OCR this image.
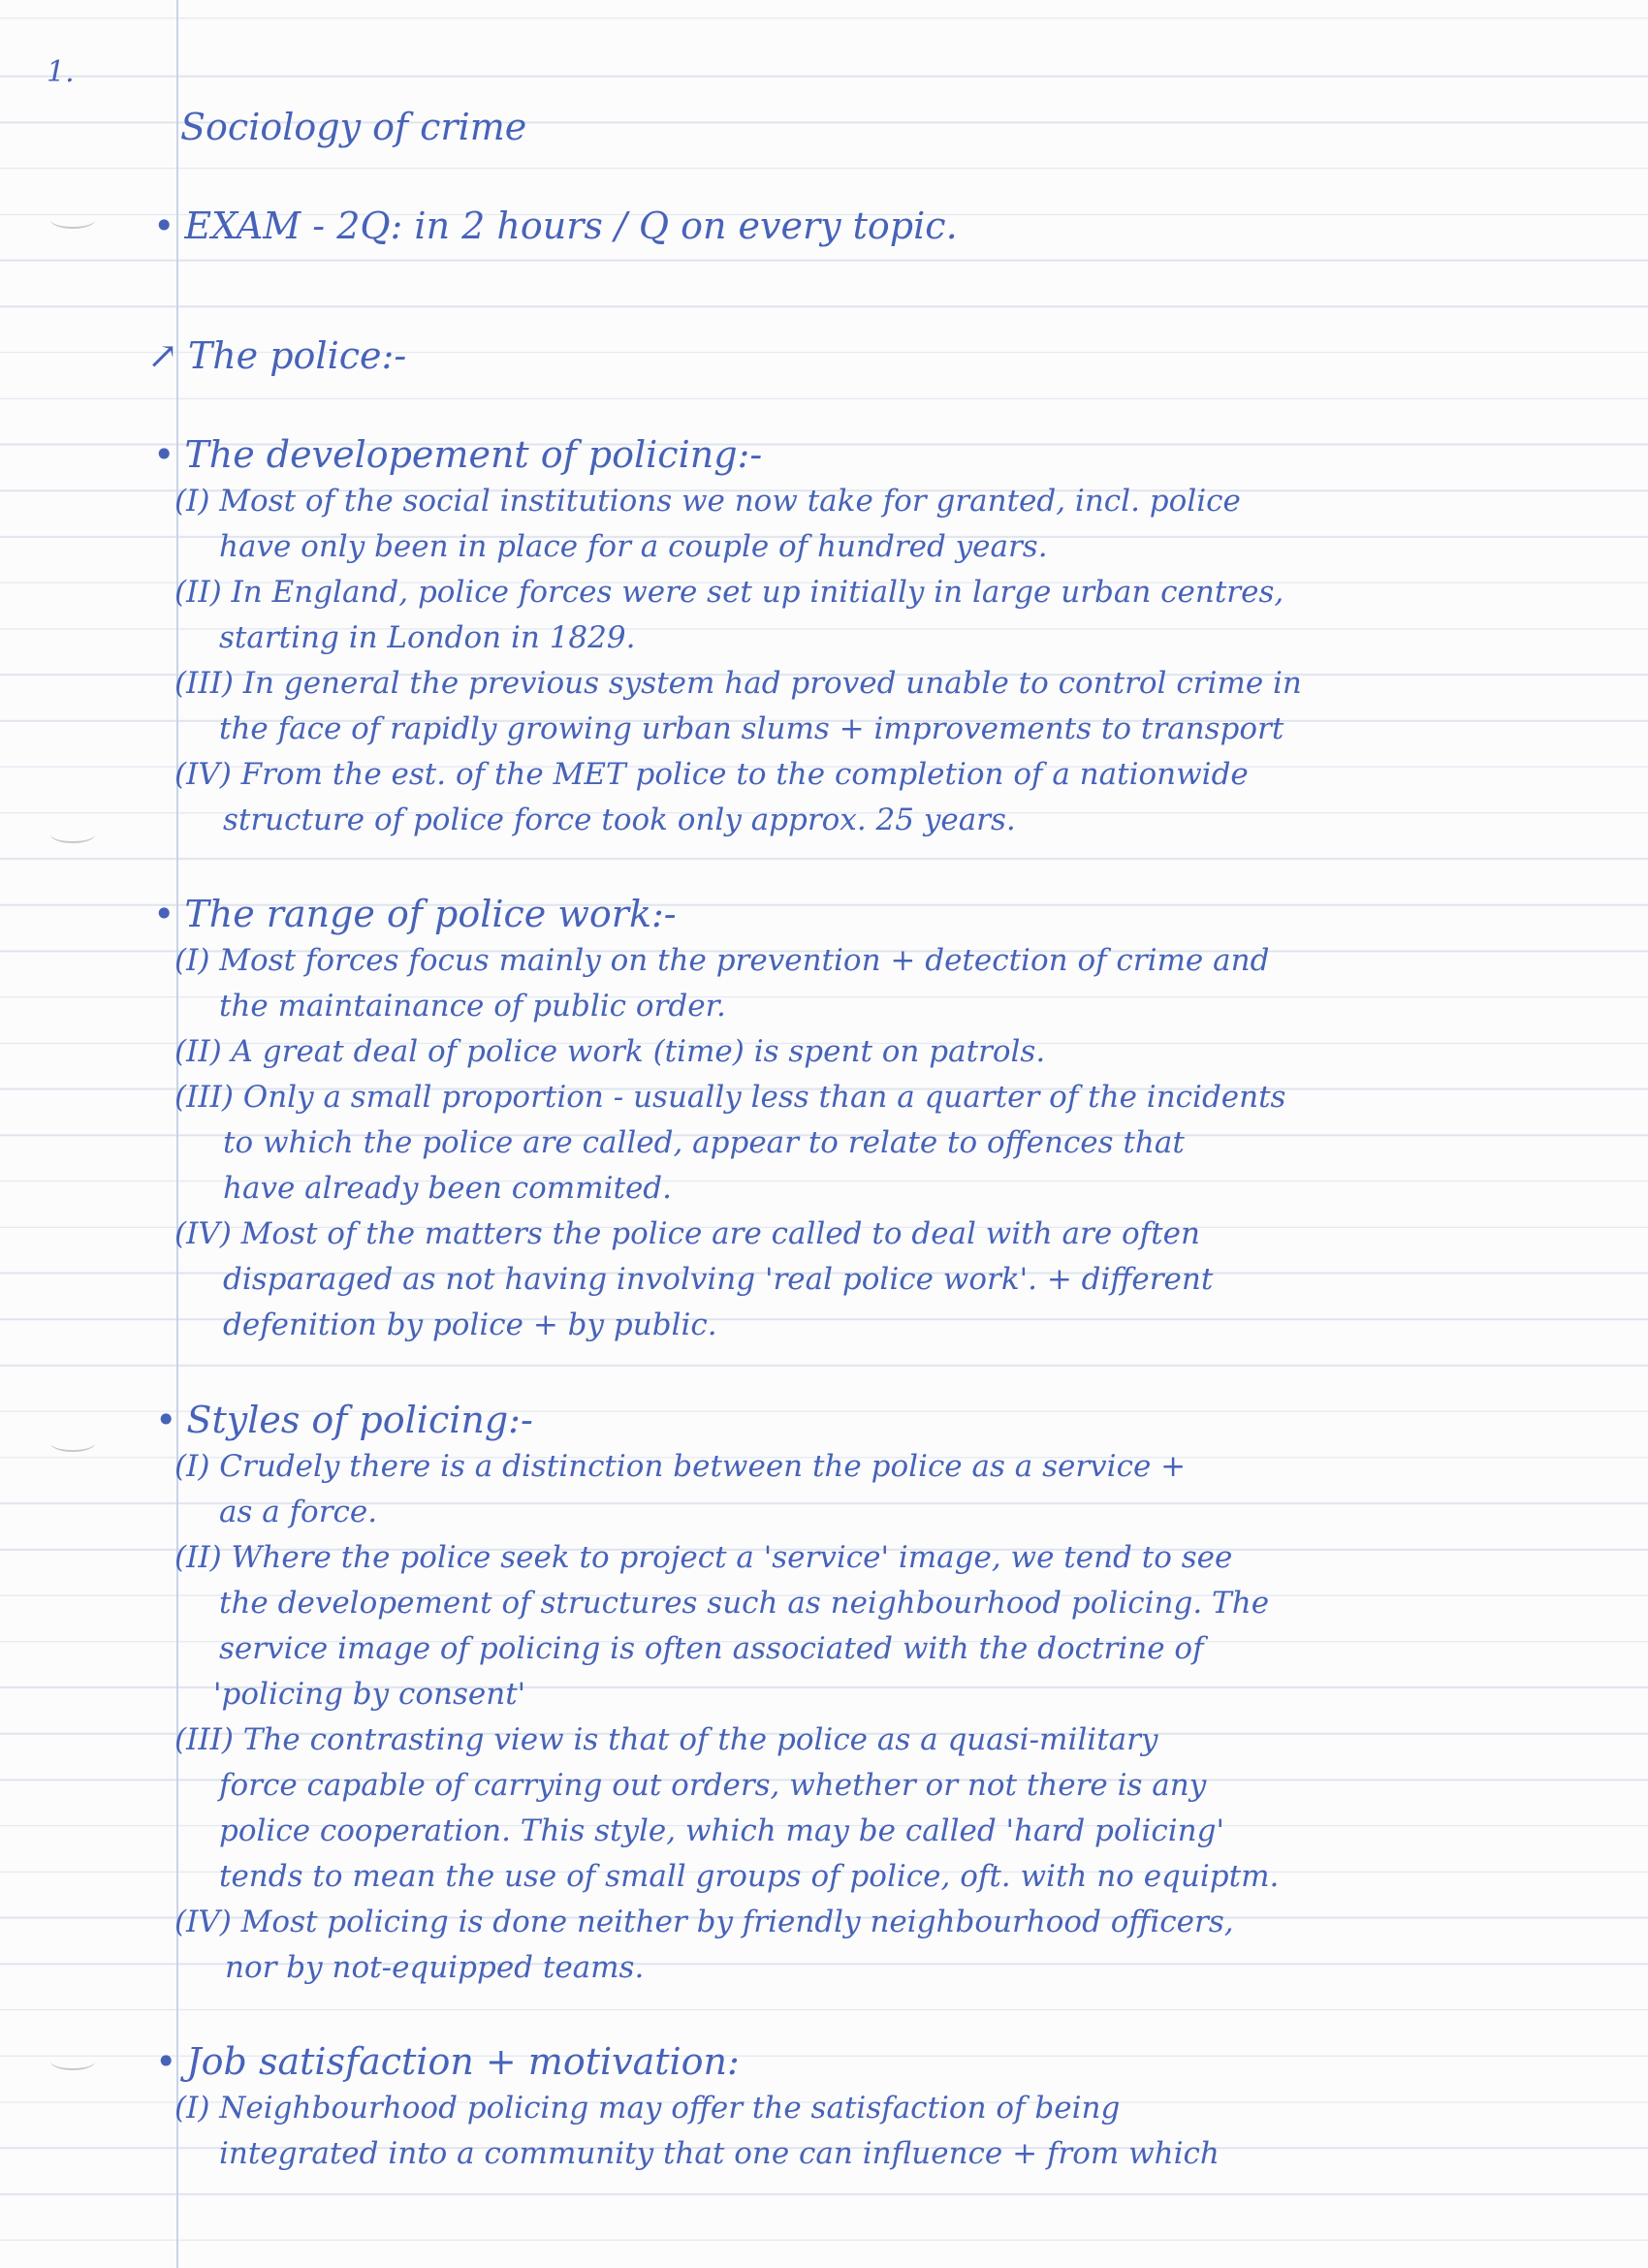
1.
Sociology of crime
• EXAM - 2Q: in 2 hours / Q on every topic.
↗ The police:-
• The developement of policing:-
(I) Most of the social institutions we now take for granted, incl. police
have only been in place for a couple of hundred years.
(II) In England, police forces were set up initially in large urban centres,
starting in London in 1829.
(III) In general the previous system had proved unable to control crime in
the face of rapidly growing urban slums + improvements to transport
(IV) From the est. of the MET police to the completion of a nationwide
structure of police force took only approx. 25 years.
• The range of police work:-
(I) Most forces focus mainly on the prevention + detection of crime and
the maintainance of public order.
(II) A great deal of police work (time) is spent on patrols.
(III) Only a small proportion - usually less than a quarter of the incidents
to which the police are called, appear to relate to offences that
have already been commited.
(IV) Most of the matters the police are called to deal with are often
disparaged as not having involving 'real police work'. + different
defenition by police + by public.
• Styles of policing:-
(I) Crudely there is a distinction between the police as a service +
as a force.
(II) Where the police seek to project a 'service' image, we tend to see
the developement of structures such as neighbourhood policing. The
service image of policing is often associated with the doctrine of
'policing by consent'
(III) The contrasting view is that of the police as a quasi-military
force capable of carrying out orders, whether or not there is any
police cooperation. This style, which may be called 'hard policing'
tends to mean the use of small groups of police, oft. with no equiptm.
(IV) Most policing is done neither by friendly neighbourhood officers,
nor by not-equipped teams.
• Job satisfaction + motivation:
(I) Neighbourhood policing may offer the satisfaction of being
integrated into a community that one can influence + from which
